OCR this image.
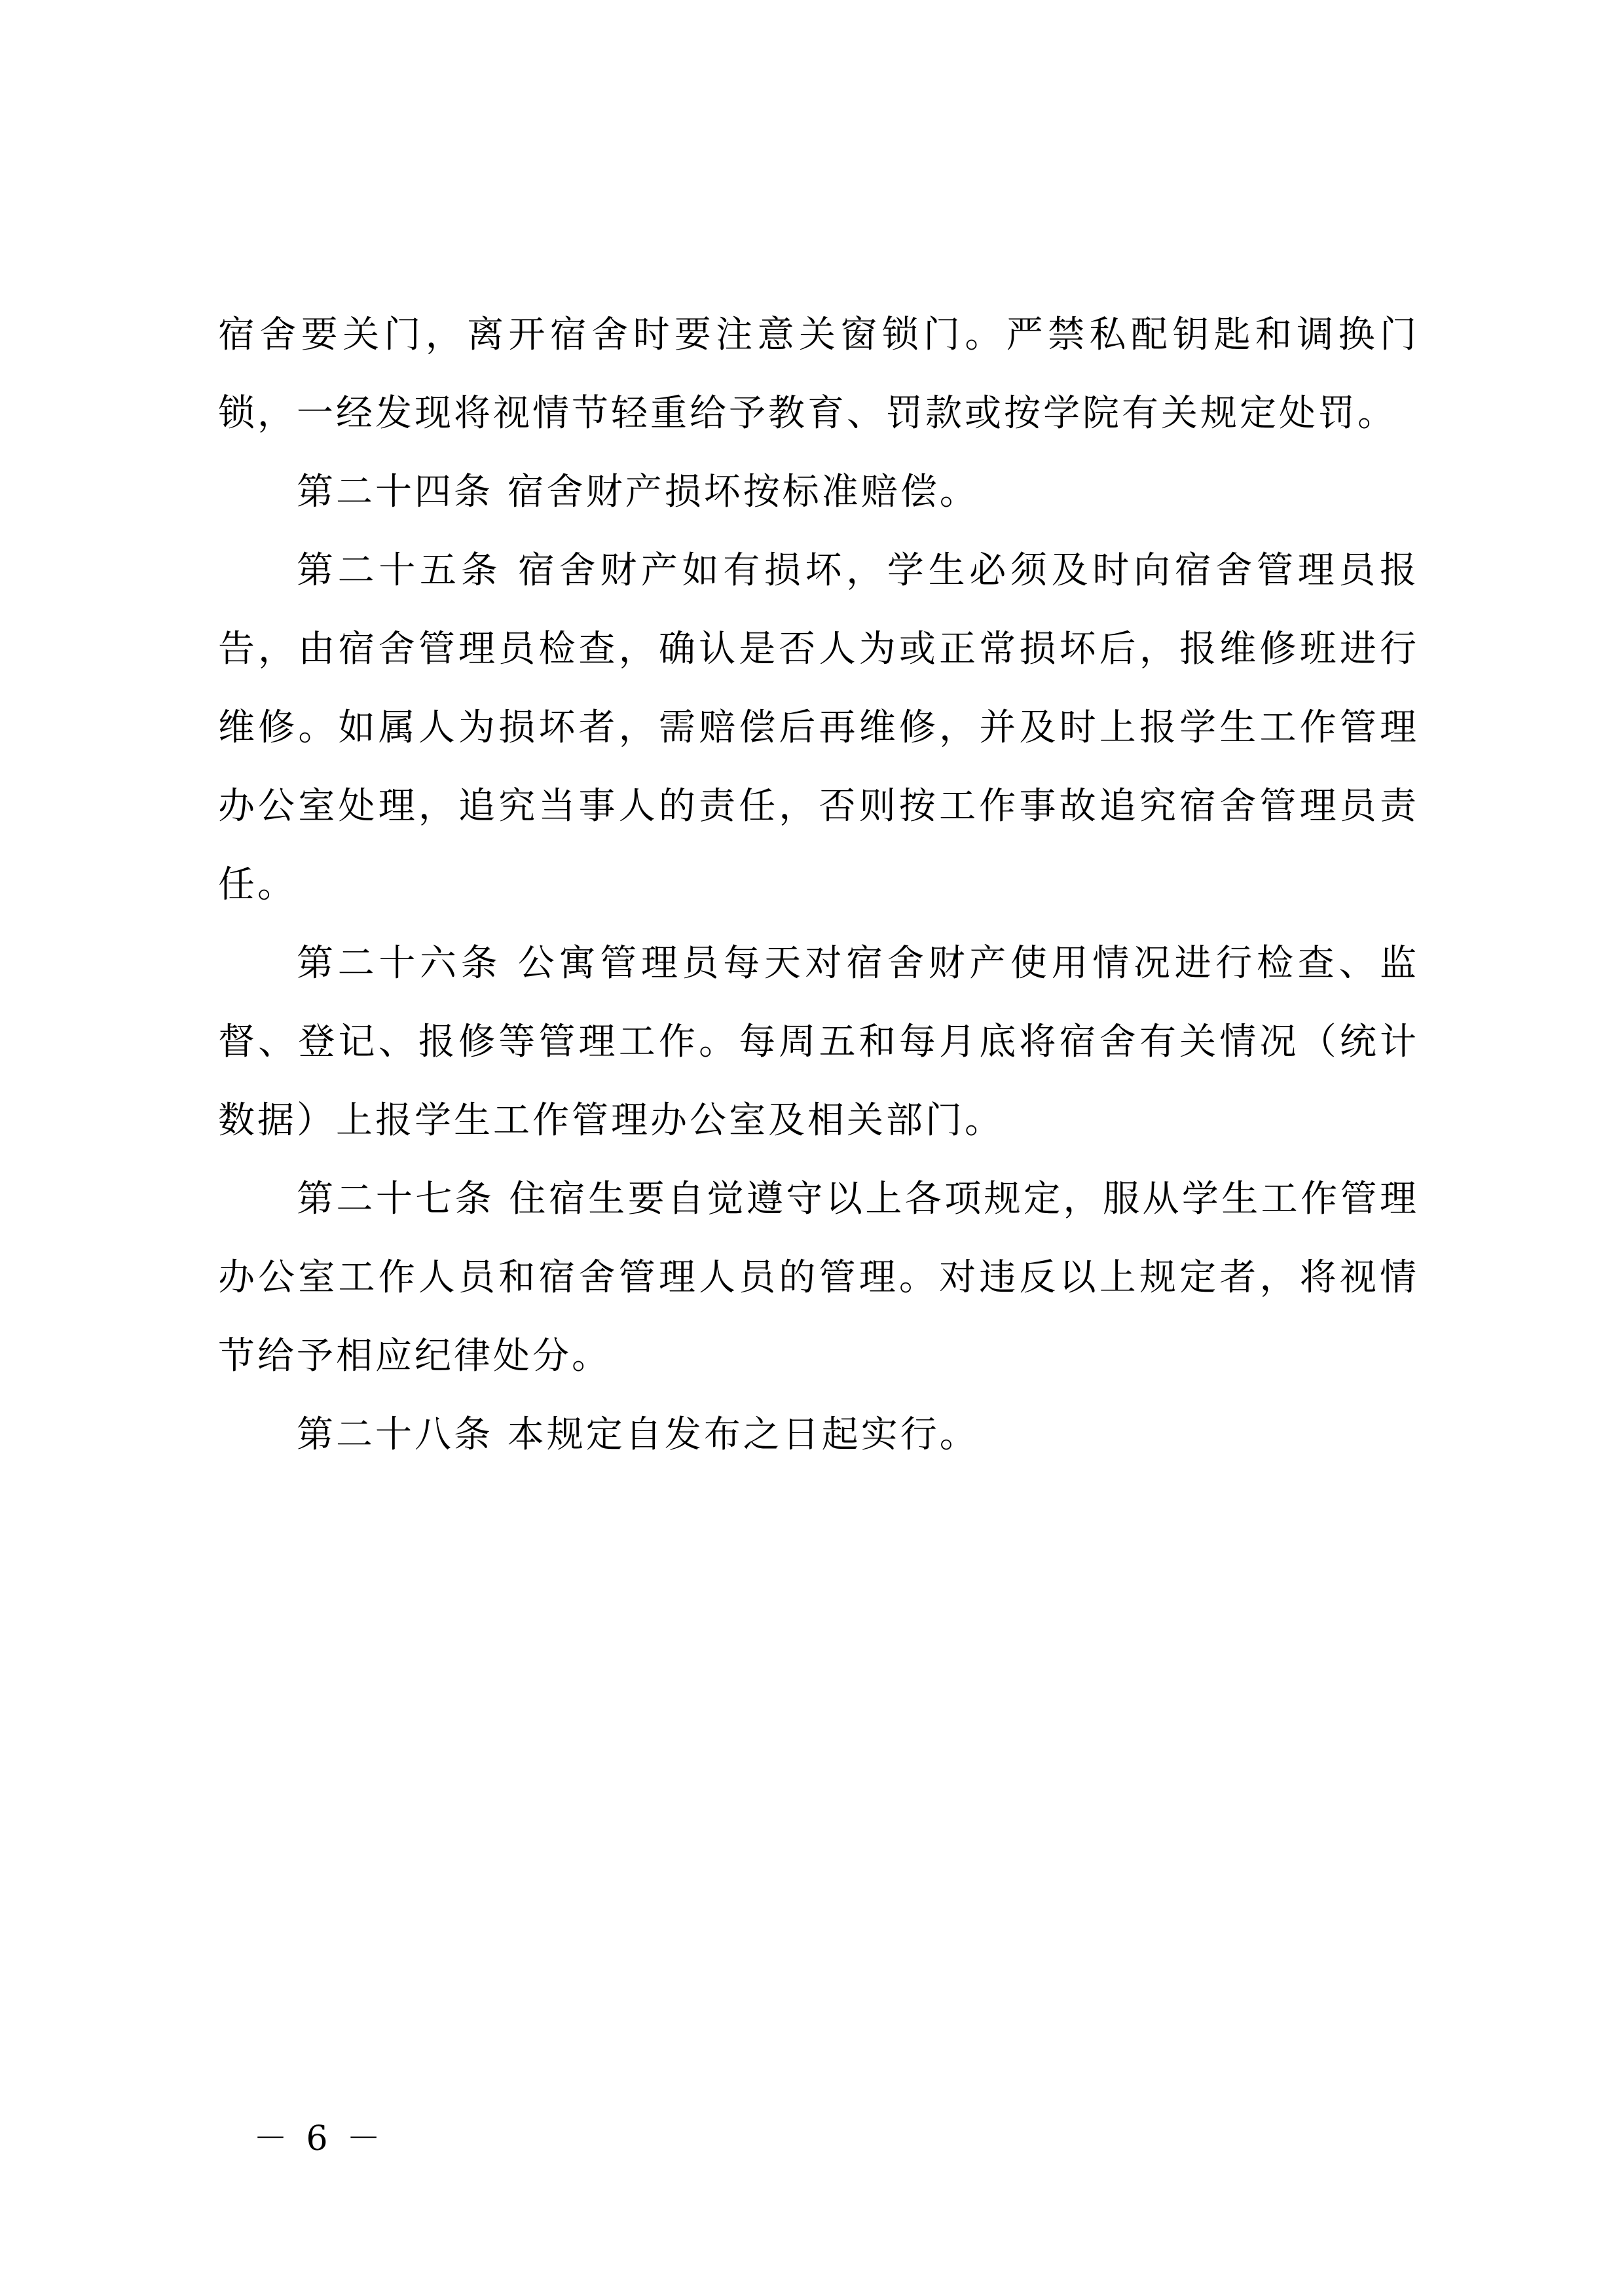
宿舍要关门，离开宿舍时要注意关窗锁门。严禁私配钥匙和调换门锁，一经发现将视情节轻重给予教育、罚款或按学院有关规定处罚。

第二十四条 宿舍财产损坏按标准赔偿。

第二十五条 宿舍财产如有损坏，学生必须及时向宿舍管理员报告，由宿舍管理员检查，确认是否人为或正常损坏后，报维修班进行维修。如属人为损坏者，需赔偿后再维修，并及时上报学生工作管理办公室处理，追究当事人的责任，否则按工作事故追究宿舍管理员责任。

第二十六条 公寓管理员每天对宿舍财产使用情况进行检查、监督、登记、报修等管理工作。每周五和每月底将宿舍有关情况（统计数据）上报学生工作管理办公室及相关部门。

第二十七条 住宿生要自觉遵守以上各项规定，服从学生工作管理办公室工作人员和宿舍管理人员的管理。对违反以上规定者，将视情节给予相应纪律处分。

第二十八条 本规定自发布之日起实行。

－ 6 －
